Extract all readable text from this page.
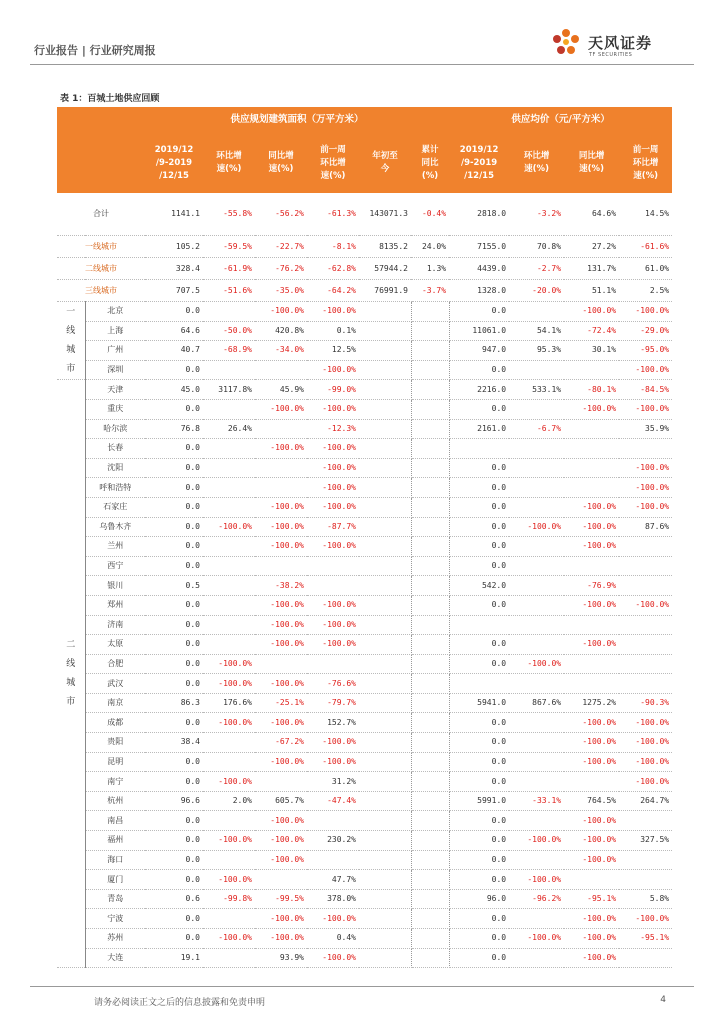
行业报告 | 行业研究周报	天风证券
TF SECURITIES
表 1：百城土地供应回顾
		供应规划建筑面积（万平方米）						供应均价（元/平方米）			

		2019/12
/9-2019
/12/15	环比增
速(%)	同比增
速(%)	前一周
环比增
速(%)	年初至
今	累计
同比
(%)	2019/12
/9-2019
/12/15	环比增
速(%)	同比增
速(%)	前一周
环比增
速(%)

合计		1141.1	-55.8%	-56.2%	-61.3%	143071.3	-0.4%	2818.0	-3.2%	64.6%	14.5%
一线城市		105.2	-59.5%	-22.7%	-8.1%	8135.2	24.0%	7155.0	70.8%	27.2%	-61.6%
二线城市		328.4	-61.9%	-76.2%	-62.8%	57944.2	1.3%	4439.0	-2.7%	131.7%	61.0%
三线城市		707.5	-51.6%	-35.0%	-64.2%	76991.9	-3.7%	1328.0	-20.0%	51.1%	2.5%

一线城市	北京	0.0		-100.0%	-100.0%			0.0		-100.0%	-100.0%
	上海	64.6	-50.0%	420.8%	0.1%			11061.0	54.1%	-72.4%	-29.0%
	广州	40.7	-68.9%	-34.0%	12.5%			947.0	95.3%	30.1%	-95.0%
	深圳	0.0			-100.0%			0.0			-100.0%

二线城市	天津	45.0	3117.8%	45.9%	-99.0%			2216.0	533.1%	-80.1%	-84.5%
	重庆	0.0		-100.0%	-100.0%			0.0		-100.0%	-100.0%
	哈尔滨	76.8	26.4%		-12.3%			2161.0	-6.7%		35.9%
	长春	0.0		-100.0%	-100.0%						
	沈阳	0.0			-100.0%			0.0			-100.0%
	呼和浩特	0.0			-100.0%			0.0			-100.0%
	石家庄	0.0		-100.0%	-100.0%			0.0		-100.0%	-100.0%
	乌鲁木齐	0.0	-100.0%	-100.0%	-87.7%			0.0	-100.0%	-100.0%	87.6%
	兰州	0.0		-100.0%	-100.0%			0.0		-100.0%	
	西宁	0.0						0.0			
	银川	0.5		-38.2%				542.0		-76.9%	
	郑州	0.0		-100.0%	-100.0%			0.0		-100.0%	-100.0%
	济南	0.0		-100.0%	-100.0%						
	太原	0.0		-100.0%	-100.0%			0.0		-100.0%	
	合肥	0.0	-100.0%					0.0	-100.0%		
	武汉	0.0	-100.0%	-100.0%	-76.6%						
	南京	86.3	176.6%	-25.1%	-79.7%			5941.0	867.6%	1275.2%	-90.3%
	成都	0.0	-100.0%	-100.0%	152.7%			0.0		-100.0%	-100.0%
	贵阳	38.4		-67.2%	-100.0%			0.0		-100.0%	-100.0%
	昆明	0.0		-100.0%	-100.0%			0.0		-100.0%	-100.0%
	南宁	0.0	-100.0%		31.2%			0.0			-100.0%
	杭州	96.6	2.0%	605.7%	-47.4%			5991.0	-33.1%	764.5%	264.7%
	南昌	0.0		-100.0%				0.0		-100.0%	
	福州	0.0	-100.0%	-100.0%	230.2%			0.0	-100.0%	-100.0%	327.5%
	海口	0.0		-100.0%				0.0		-100.0%	
	厦门	0.0	-100.0%		47.7%			0.0	-100.0%		
	青岛	0.6	-99.8%	-99.5%	378.0%			96.0	-96.2%	-95.1%	5.8%
	宁波	0.0		-100.0%	-100.0%			0.0		-100.0%	-100.0%
	苏州	0.0	-100.0%	-100.0%	0.4%			0.0	-100.0%	-100.0%	-95.1%
	大连	19.1		93.9%	-100.0%			0.0		-100.0%	
请务必阅读正文之后的信息披露和免责申明	4
